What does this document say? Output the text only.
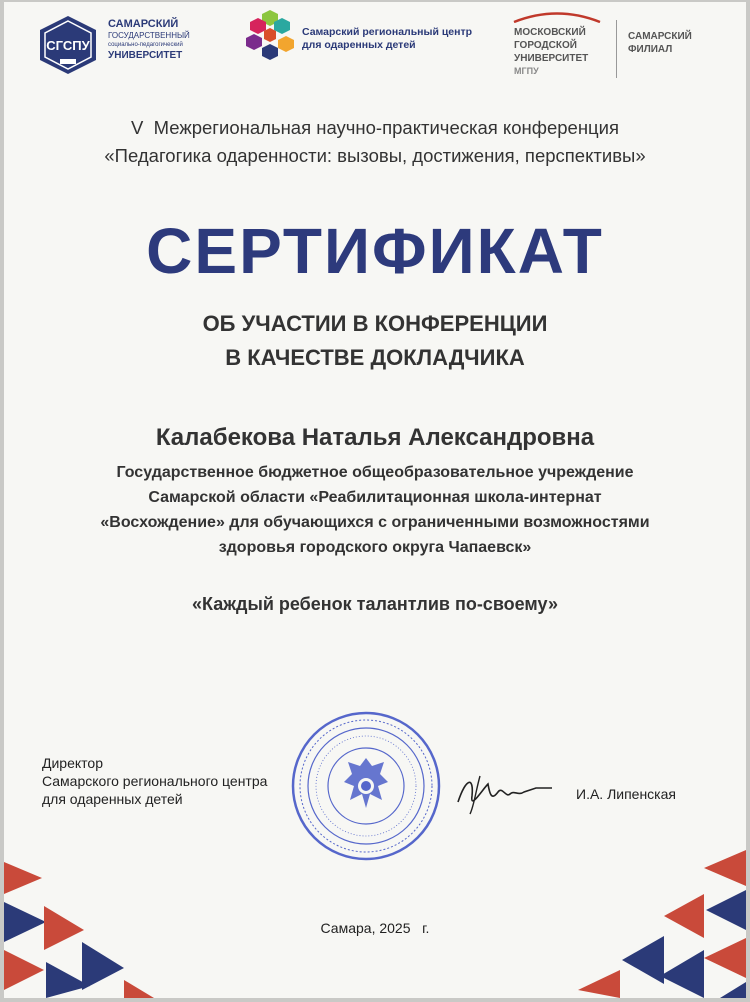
СГСПУ
САМАРСКИЙ
ГОСУДАРСТВЕННЫЙ
социально-педагогический
УНИВЕРСИТЕТ
Самарский региональный центр
для одаренных детей
МОСКОВСКИЙ
ГОРОДСКОЙ
УНИВЕРСИТЕТ
МГПУ
САМАРСКИЙ
ФИЛИАЛ
V  Межрегиональная научно-практическая конференция
«Педагогика одаренности: вызовы, достижения, перспективы»
СЕРТИФИКАТ
ОБ УЧАСТИИ В КОНФЕРЕНЦИИ
В КАЧЕСТВЕ ДОКЛАДЧИКА
Калабекова Наталья Александровна
Государственное бюджетное общеобразовательное учреждение
Самарской области «Реабилитационная школа-интернат
«Восхождение» для обучающихся с ограниченными возможностями
здоровья городского округа Чапаевск»
«Каждый ребенок талантлив по-своему»
Директор
Самарского регионального центра
для одаренных детей	И.А. Липенская
Самара, 2025   г.
